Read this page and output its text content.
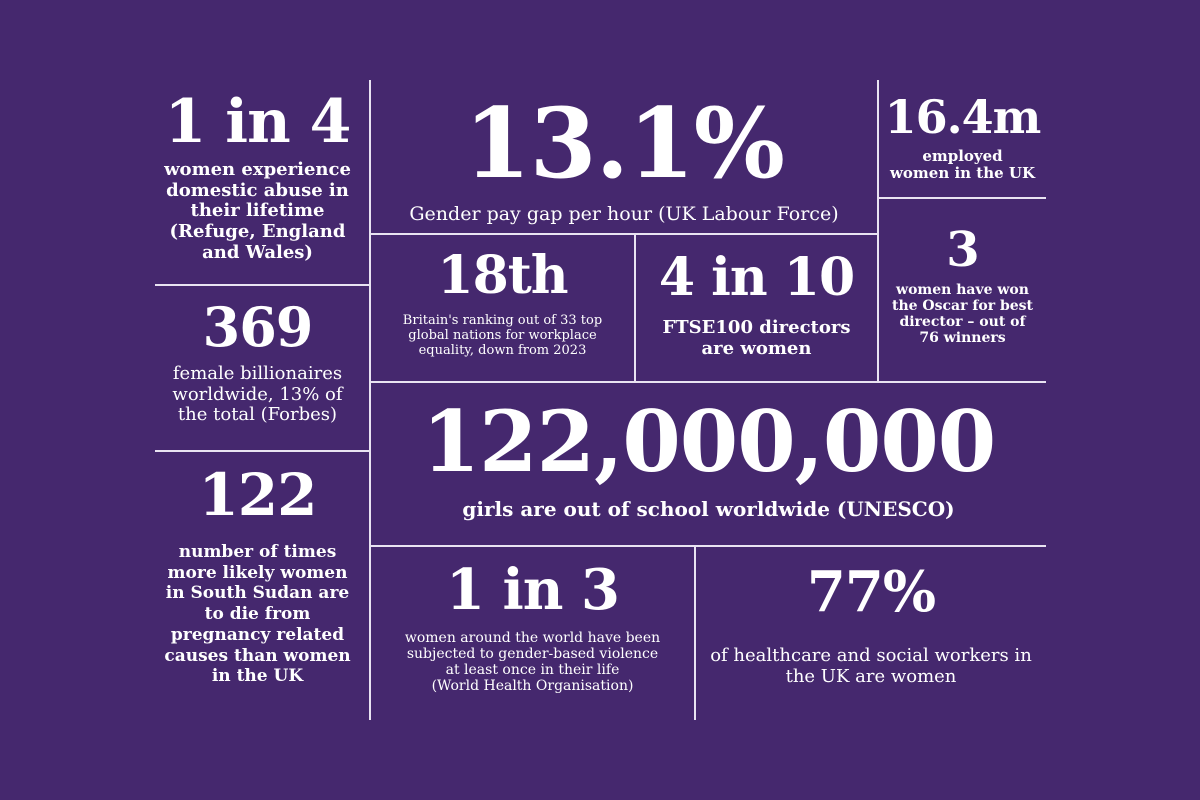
1 in 4
women experience
domestic abuse in
their lifetime
(Refuge, England
and Wales)
13.1%
Gender pay gap per hour (UK Labour Force)
16.4m
employed
women in the UK
18th
Britain's ranking out of 33 top
global nations for workplace
equality, down from 2023
4 in 10
FTSE100 directors
are women
3
women have won
the Oscar for best
director – out of
76 winners
369
female billionaires
worldwide, 13% of
the total (Forbes) 122,000,000
girls are out of school worldwide (UNESCO)
122
number of times
more likely women
in South Sudan are
to die from
pregnancy related
causes than women
in the UK
1 in 3
women around the world have been
subjected to gender-based violence
at least once in their life
(World Health Organisation)
77%
of healthcare and social workers in
the UK are women
